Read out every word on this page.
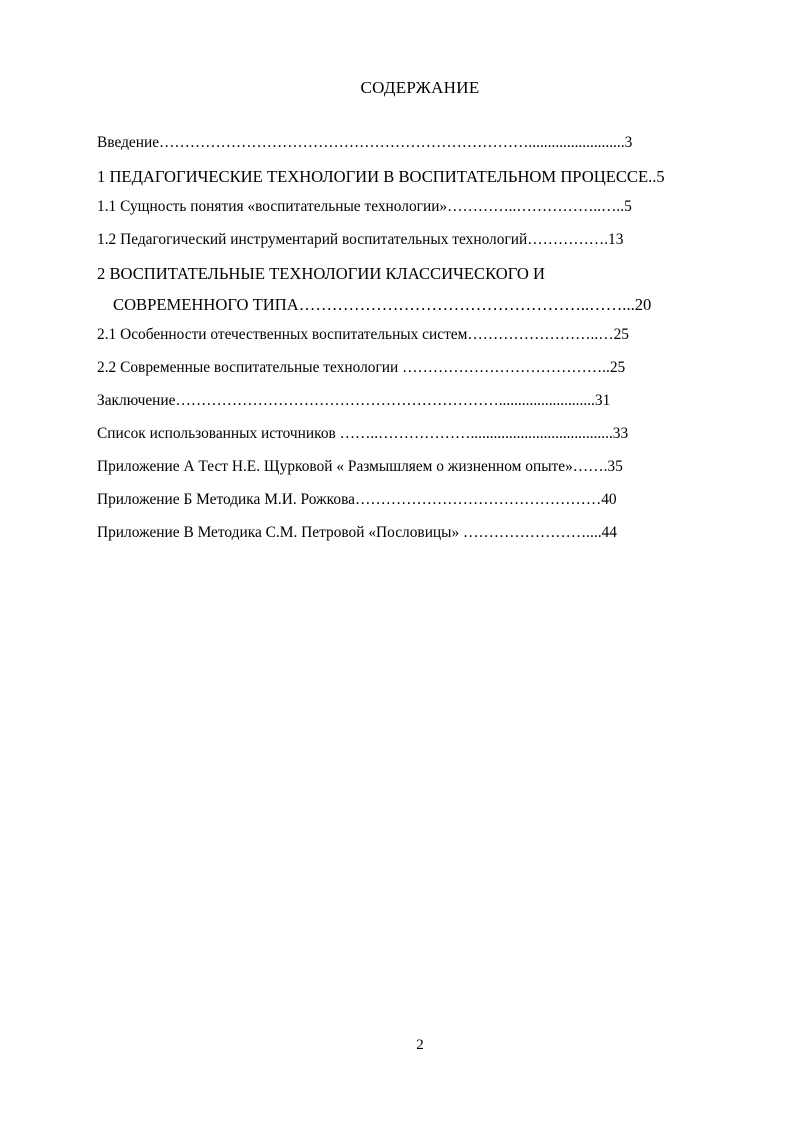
СОДЕРЖАНИЕ
Введение……………………………………………………………….........................3
1 ПЕДАГОГИЧЕСКИЕ ТЕХНОЛОГИИ В ВОСПИТАТЕЛЬНОМ ПРОЦЕССЕ..5
1.1 Сущность понятия «воспитательные технологии»…………..……………..…..5
1.2 Педагогический инструментарий воспитательных технологий…………….13
2 ВОСПИТАТЕЛЬНЫЕ ТЕХНОЛОГИИ КЛАССИЧЕСКОГО И
СОВРЕМЕННОГО ТИПА……………………………………………..……...20
2.1 Особенности отечественных воспитательных систем……………………..…25
2.2 Современные воспитательные технологии …………………………………..25
Заключение……………………………………………………….........................31
Список использованных источников ……..……………….....................................33
Приложение А Тест Н.Е. Щурковой « Размышляем о жизненном опыте»…….35
Приложение Б Методика М.И. Рожкова…………………………………………40
Приложение В Методика С.М. Петровой «Пословицы» ……………………....44
2
